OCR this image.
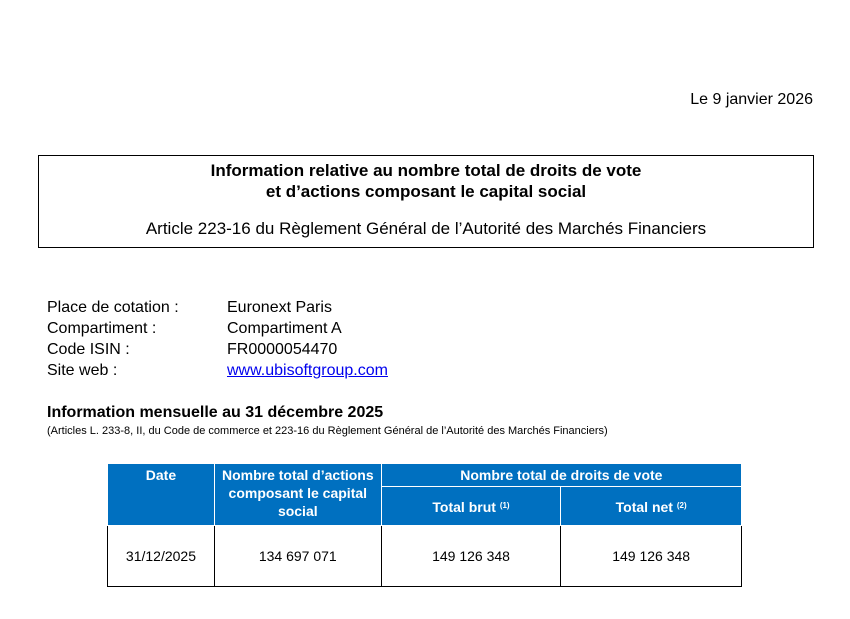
Le 9 janvier 2026
Information relative au nombre total de droits de vote
et d’actions composant le capital social
Article 223-16 du Règlement Général de l’Autorité des Marchés Financiers
Place de cotation :	Euronext Paris
Compartiment :	Compartiment A
Code ISIN :	FR0000054470
Site web :	www.ubisoftgroup.com
Information mensuelle au 31 décembre 2025
(Articles L. 233-8, II, du Code de commerce et 223-16 du Règlement Général de l’Autorité des Marchés Financiers)
Date	Nombre total d’actions composant le capital social	Nombre total de droits de vote	
		Total brut $^{(1)}$	Total net $^{(2)}$
31/12/2025	134 697 071	149 126 348	149 126 348
